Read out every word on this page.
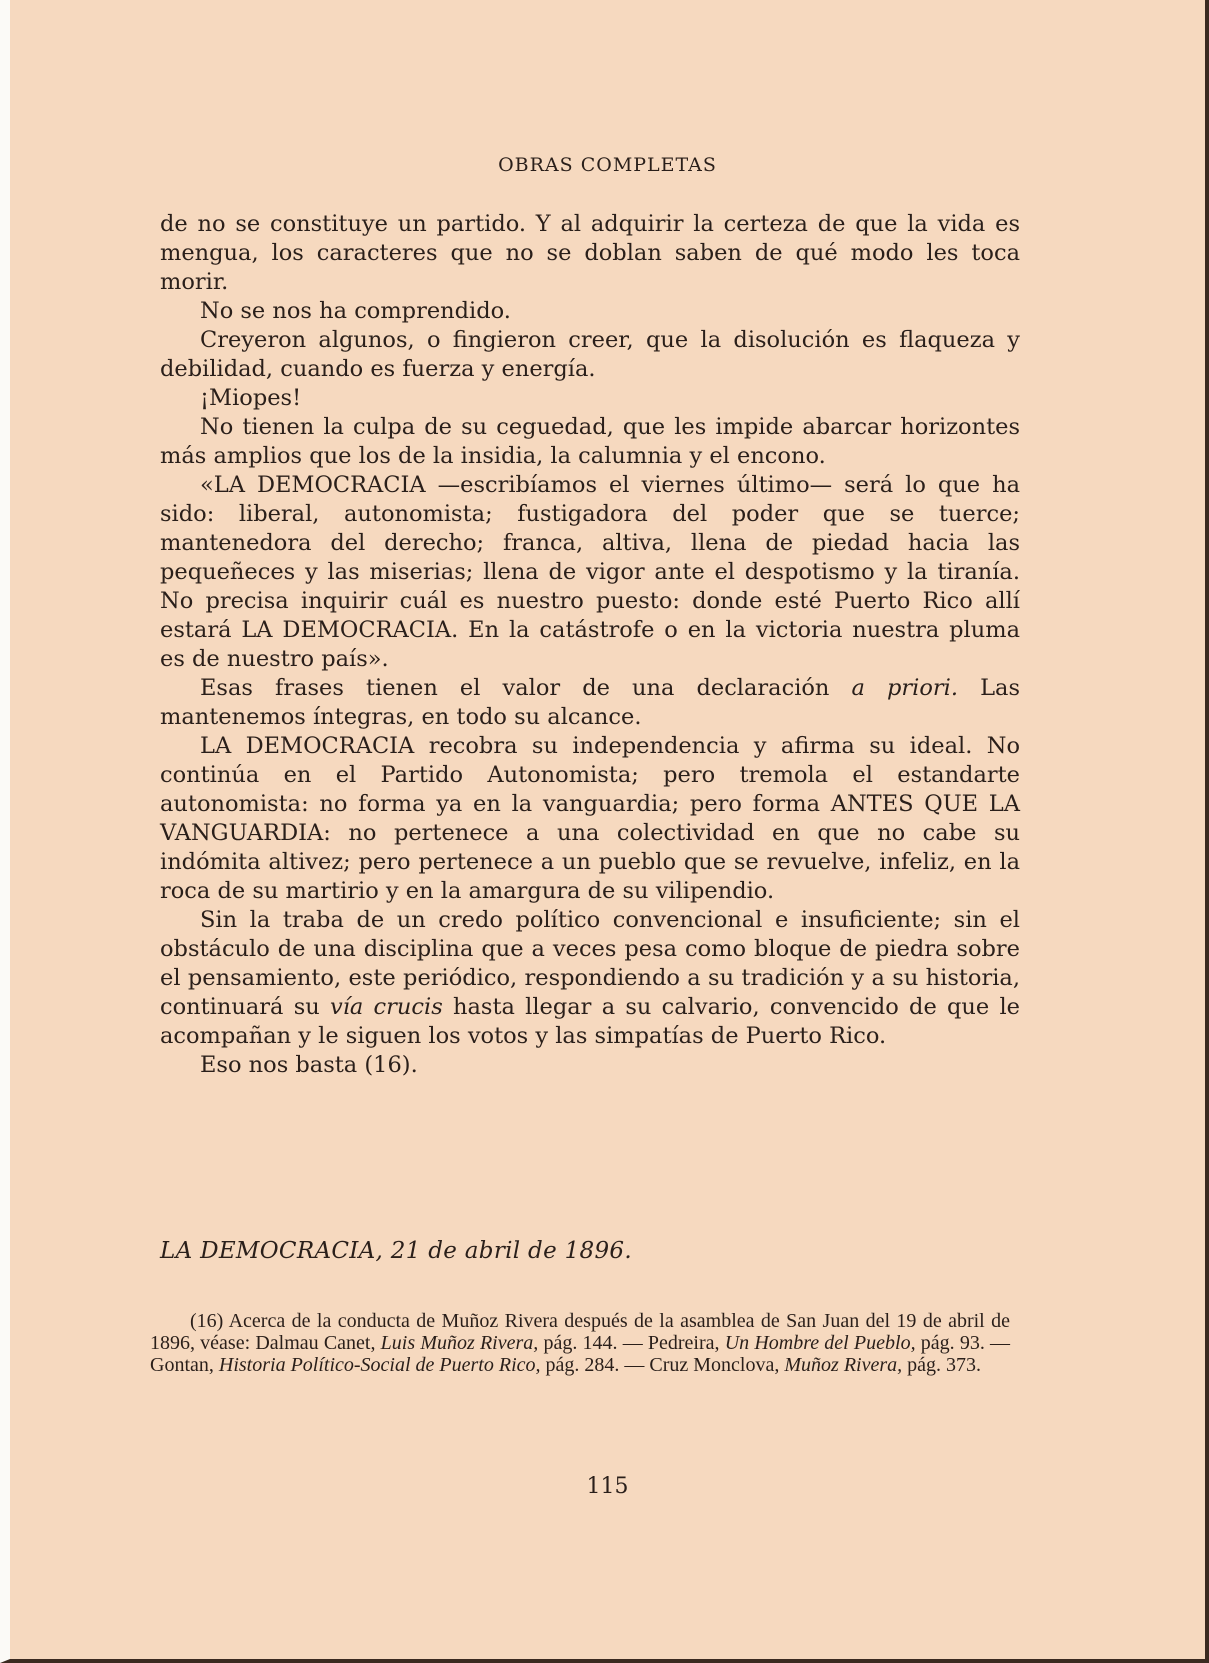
OBRAS COMPLETAS

de no se constituye un partido. Y al adquirir la certeza de que la vida es mengua, los caracteres que no se doblan saben de qué modo les toca morir.

No se nos ha comprendido.

Creyeron algunos, o fingieron creer, que la disolución es flaqueza y debilidad, cuando es fuerza y energía.

¡Miopes!

No tienen la culpa de su ceguedad, que les impide abarcar horizontes más amplios que los de la insidia, la calumnia y el encono.

«LA DEMOCRACIA —escribíamos el viernes último— será lo que ha sido: liberal, autonomista; fustigadora del poder que se tuerce; mantenedora del derecho; franca, altiva, llena de piedad hacia las pequeñeces y las miserias; llena de vigor ante el despotismo y la tiranía. No precisa inquirir cuál es nuestro puesto: donde esté Puerto Rico allí estará LA DEMOCRACIA. En la catástrofe o en la victoria nuestra pluma es de nuestro país».

Esas frases tienen el valor de una declaración a priori. Las mantenemos íntegras, en todo su alcance.

LA DEMOCRACIA recobra su independencia y afirma su ideal. No continúa en el Partido Autonomista; pero tremola el estandarte autonomista: no forma ya en la vanguardia; pero forma ANTES QUE LA VANGUARDIA: no pertenece a una colectividad en que no cabe su indómita altivez; pero pertenece a un pueblo que se revuelve, infeliz, en la roca de su martirio y en la amargura de su vilipendio.

Sin la traba de un credo político convencional e insuficiente; sin el obstáculo de una disciplina que a veces pesa como bloque de piedra sobre el pensamiento, este periódico, respondiendo a su tradición y a su historia, continuará su vía crucis hasta llegar a su calvario, convencido de que le acompañan y le siguen los votos y las simpatías de Puerto Rico.

Eso nos basta (16).

LA DEMOCRACIA, 21 de abril de 1896.
(16) Acerca de la conducta de Muñoz Rivera después de la asamblea de San Juan del 19 de abril de 1896, véase: Dalmau Canet, Luis Muñoz Rivera, pág. 144. — Pedreira, Un Hombre del Pueblo, pág. 93. — Gontan, Historia Político-Social de Puerto Rico, pág. 284. — Cruz Monclova, Muñoz Rivera, pág. 373.
115
